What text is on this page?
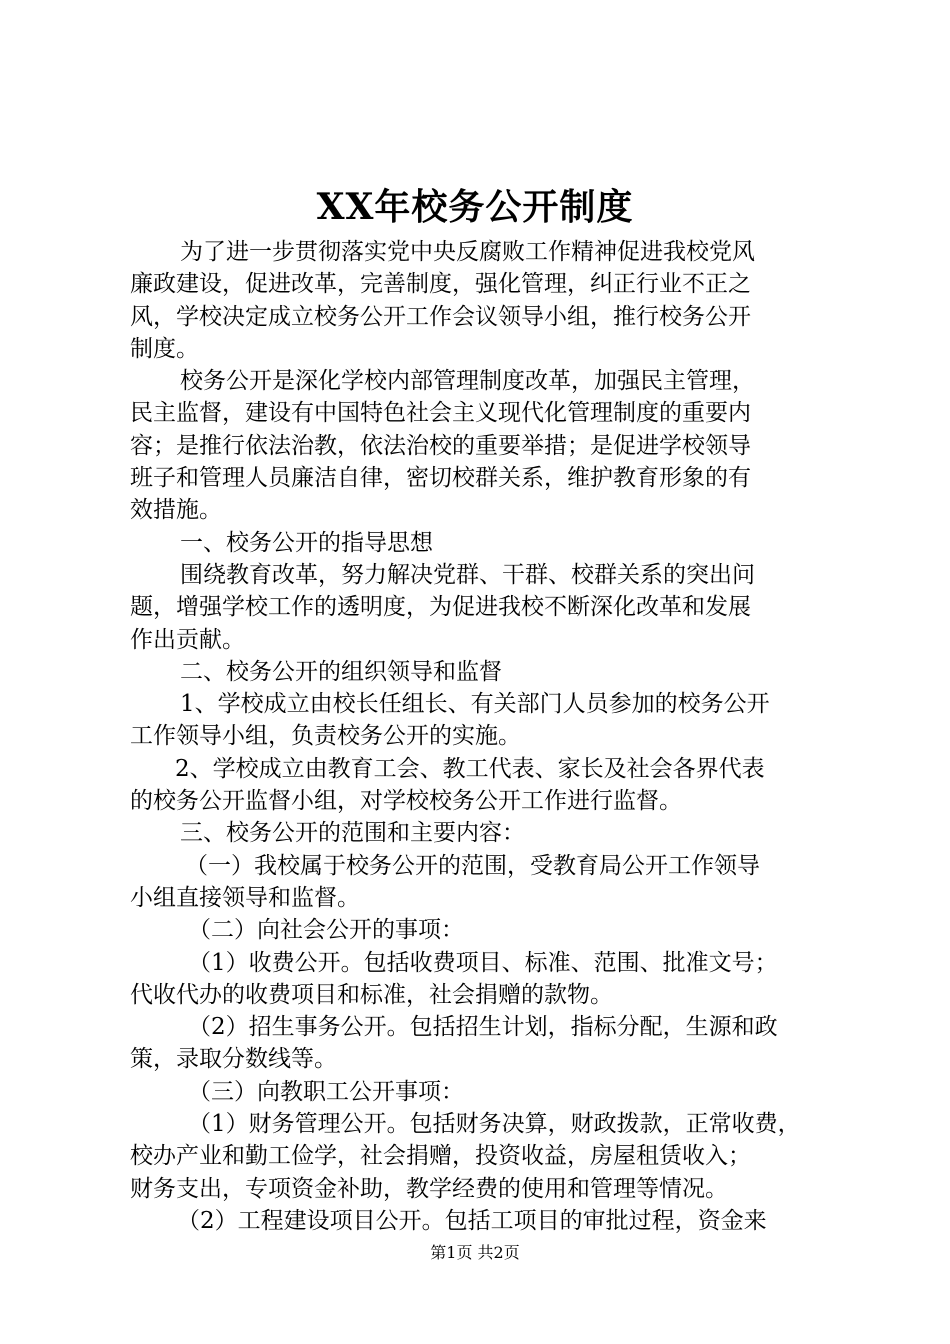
XX年校务公开制度
为了进一步贯彻落实党中央反腐败工作精神促进我校党风
廉政建设，促进改革，完善制度，强化管理，纠正行业不正之
风，学校决定成立校务公开工作会议领导小组，推行校务公开
制度。
校务公开是深化学校内部管理制度改革，加强民主管理，
民主监督，建设有中国特色社会主义现代化管理制度的重要内
容；是推行依法治教，依法治校的重要举措；是促进学校领导
班子和管理人员廉洁自律，密切校群关系，维护教育形象的有
效措施。
一、校务公开的指导思想
围绕教育改革，努力解决党群、干群、校群关系的突出问
题，增强学校工作的透明度，为促进我校不断深化改革和发展
作出贡献。
二、校务公开的组织领导和监督
1、学校成立由校长任组长、有关部门人员参加的校务公开
工作领导小组，负责校务公开的实施。
2、学校成立由教育工会、教工代表、家长及社会各界代表
的校务公开监督小组，对学校校务公开工作进行监督。
三、校务公开的范围和主要内容：
（一）我校属于校务公开的范围，受教育局公开工作领导
小组直接领导和监督。
（二）向社会公开的事项：
（1）收费公开。包括收费项目、标准、范围、批准文号；
代收代办的收费项目和标准，社会捐赠的款物。
（2）招生事务公开。包括招生计划，指标分配，生源和政
策，录取分数线等。
（三）向教职工公开事项：
（1）财务管理公开。包括财务决算，财政拨款，正常收费，
校办产业和勤工俭学，社会捐赠，投资收益，房屋租赁收入；
财务支出，专项资金补助，教学经费的使用和管理等情况。
（2）工程建设项目公开。包括工项目的审批过程，资金来
第1页 共2页
